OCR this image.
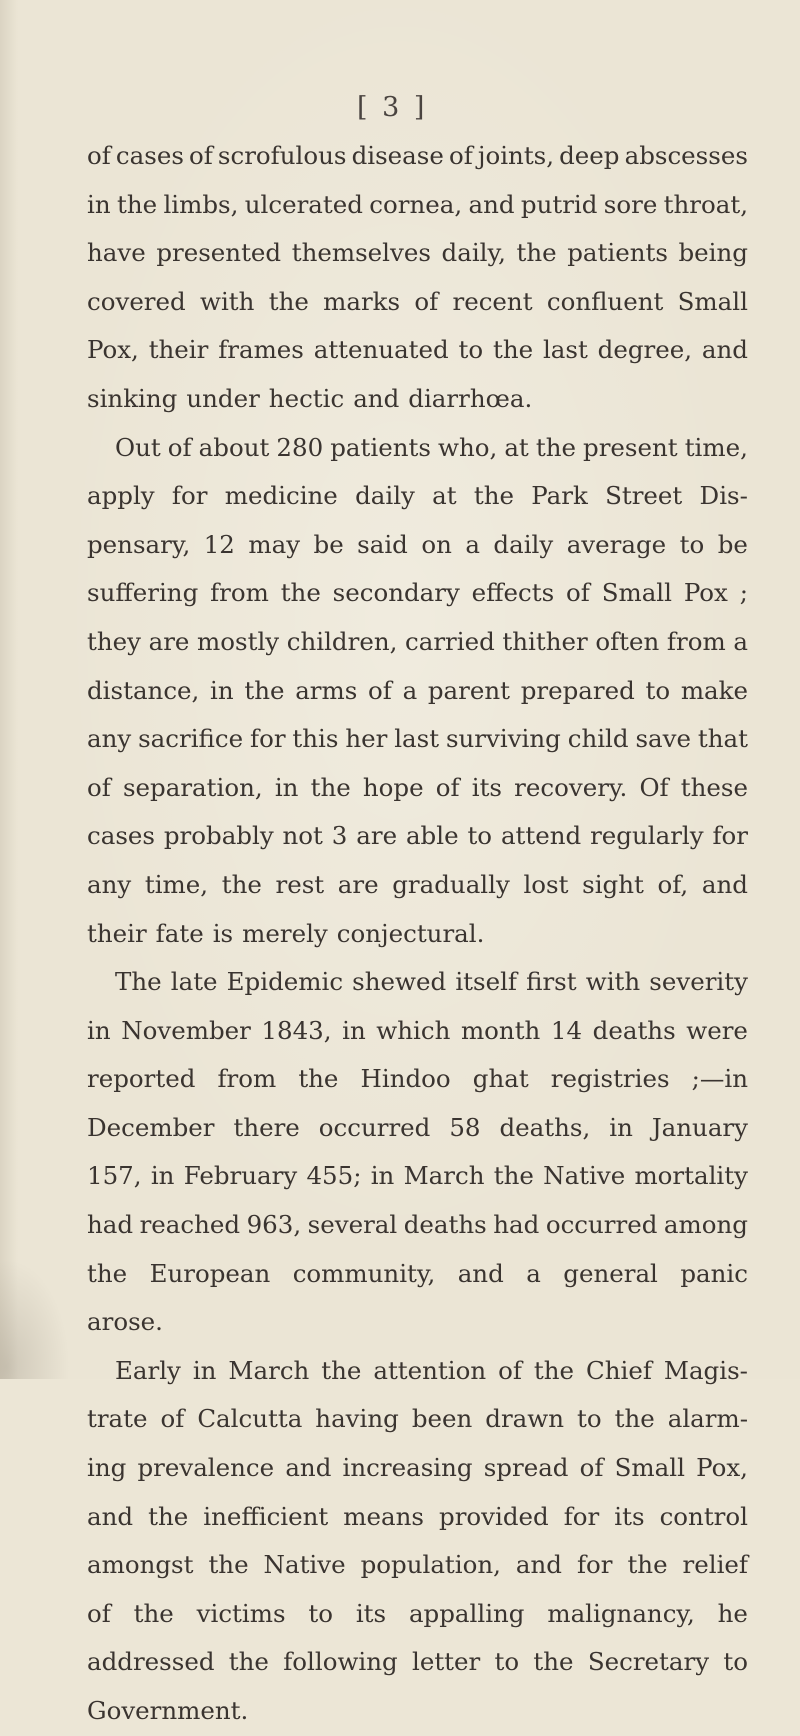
[ 3 ]
of cases of scrofulous disease of joints, deep abscesses
in the limbs, ulcerated cornea, and putrid sore throat,
have presented themselves daily, the patients being
covered with the marks of recent confluent Small
Pox, their frames attenuated to the last degree, and
sinking under hectic and diarrhœa.
Out of about 280 patients who, at the present time,
apply for medicine daily at the Park Street Dis-
pensary, 12 may be said on a daily average to be
suffering from the secondary effects of Small Pox ;
they are mostly children, carried thither often from a
distance, in the arms of a parent prepared to make
any sacrifice for this her last surviving child save that
of separation, in the hope of its recovery. Of these
cases probably not 3 are able to attend regularly for
any time, the rest are gradually lost sight of, and
their fate is merely conjectural.
The late Epidemic shewed itself first with severity
in November 1843, in which month 14 deaths were
reported from the Hindoo ghat registries ;—in
December there occurred 58 deaths, in January
157, in February 455; in March the Native mortality
had reached 963, several deaths had occurred among
the European community, and a general panic
arose.
Early in March the attention of the Chief Magis-
trate of Calcutta having been drawn to the alarm-
ing prevalence and increasing spread of Small Pox,
and the inefficient means provided for its control
amongst the Native population, and for the relief
of the victims to its appalling malignancy, he
addressed the following letter to the Secretary to
Government.
